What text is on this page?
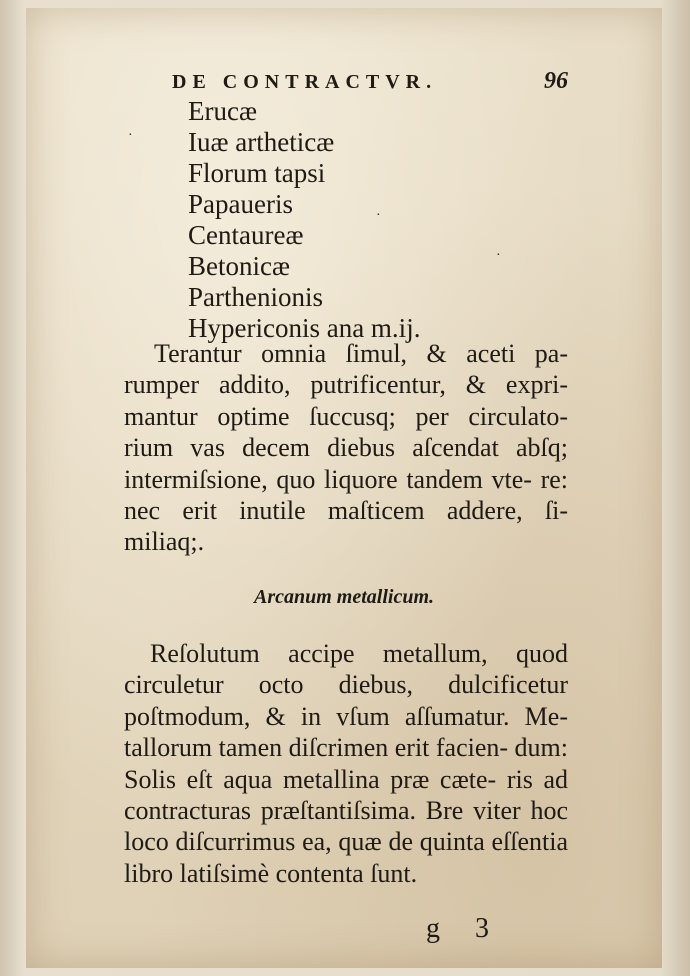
DE CONTRACTVR.	96
Erucæ
Iuæ artheticæ
Florum tapsi
Papaueris
Centaureæ
Betonicæ
Parthenionis
Hypericonis ana m.ij.

Terantur omnia ſimul, & aceti pa- rumper addito, putrificentur, & expri- mantur optime ſuccusq; per circulato- rium vas decem diebus aſcendat abſq; intermiſsione, quo liquore tandem vte- re: nec erit inutile maſticem addere, ſi- miliaq;.

Arcanum metallicum.

Reſolutum accipe metallum, quod circuletur octo diebus, dulcificetur poſtmodum, & in vſum aſſumatur. Me- tallorum tamen diſcrimen erit facien- dum: Solis eſt aqua metallina præ cæte- ris ad contracturas præſtantiſsima. Bre viter hoc loco diſcurrimus ea, quæ de quinta eſſentia libro latiſsimè contenta ſunt.

g 3
·
·
·
